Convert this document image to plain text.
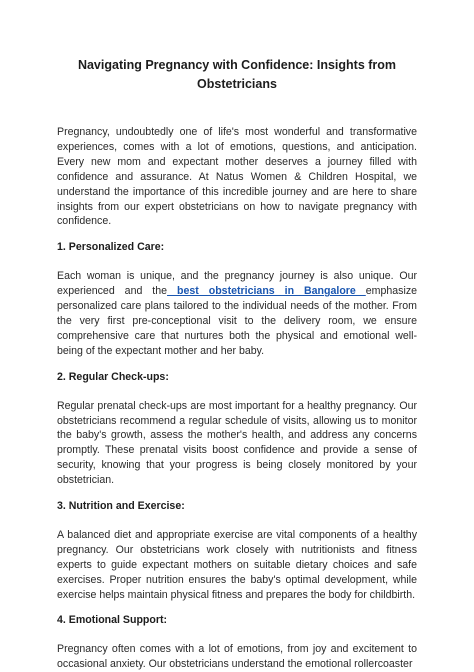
Navigating Pregnancy with Confidence: Insights from Obstetricians

Pregnancy, undoubtedly one of life's most wonderful and transformative experiences, comes with a lot of emotions, questions, and anticipation. Every new mom and expectant mother deserves a journey filled with confidence and assurance. At Natus Women & Children Hospital, we understand the importance of this incredible journey and are here to share insights from our expert obstetricians on how to navigate pregnancy with confidence.

1. Personalized Care:

Each woman is unique, and the pregnancy journey is also unique. Our experienced and the best obstetricians in Bangalore emphasize personalized care plans tailored to the individual needs of the mother. From the very first pre-conceptional visit to the delivery room, we ensure comprehensive care that nurtures both the physical and emotional well-being of the expectant mother and her baby.

2. Regular Check-ups:

Regular prenatal check-ups are most important for a healthy pregnancy. Our obstetricians recommend a regular schedule of visits, allowing us to monitor the baby's growth, assess the mother's health, and address any concerns promptly. These prenatal visits boost confidence and provide a sense of security, knowing that your progress is being closely monitored by your obstetrician.

3. Nutrition and Exercise:

A balanced diet and appropriate exercise are vital components of a healthy pregnancy. Our obstetricians work closely with nutritionists and fitness experts to guide expectant mothers on suitable dietary choices and safe exercises. Proper nutrition ensures the baby's optimal development, while exercise helps maintain physical fitness and prepares the body for childbirth.

4. Emotional Support:

Pregnancy often comes with a lot of emotions, from joy and excitement to occasional anxiety. Our obstetricians understand the emotional rollercoaster
